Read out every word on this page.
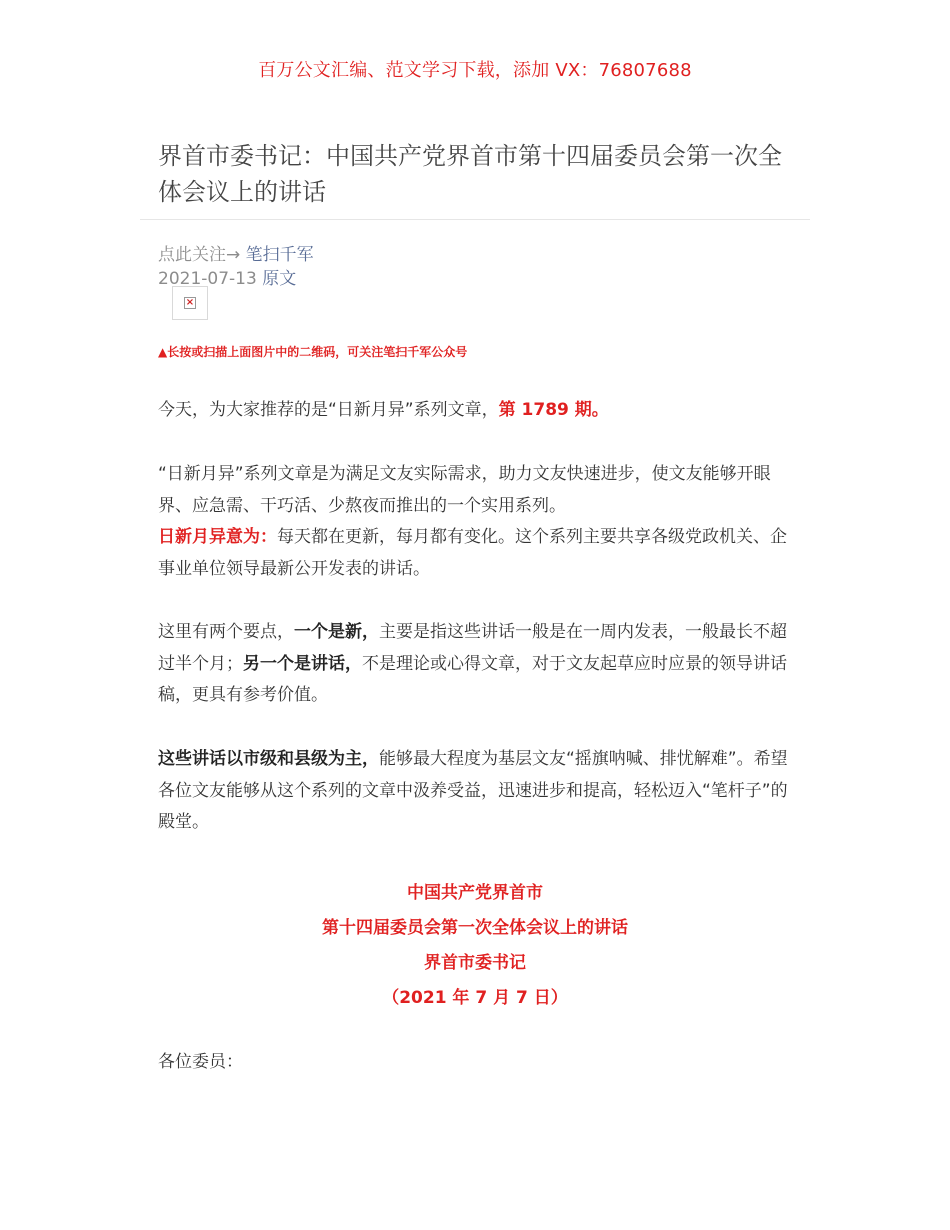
百万公文汇编、范文学习下载，添加 VX：76807688
界首市委书记：中国共产党界首市第十四届委员会第一次全体会议上的讲话
点此关注→ 笔扫千军
2021-07-13 原文
×
▲长按或扫描上面图片中的二维码，可关注笔扫千军公众号
今天，为大家推荐的是“日新月异”系列文章，第 1789 期。
“日新月异”系列文章是为满足文友实际需求，助力文友快速进步，使文友能够开眼界、应急需、干巧活、少熬夜而推出的一个实用系列。
日新月异意为：每天都在更新，每月都有变化。这个系列主要共享各级党政机关、企事业单位领导最新公开发表的讲话。
这里有两个要点，一个是新，主要是指这些讲话一般是在一周内发表，一般最长不超过半个月；另一个是讲话，不是理论或心得文章，对于文友起草应时应景的领导讲话稿，更具有参考价值。
这些讲话以市级和县级为主，能够最大程度为基层文友“摇旗呐喊、排忧解难”。希望各位文友能够从这个系列的文章中汲养受益，迅速进步和提高，轻松迈入“笔杆子”的殿堂。
中国共产党界首市
第十四届委员会第一次全体会议上的讲话
界首市委书记
（2021 年 7 月 7 日）
各位委员：
